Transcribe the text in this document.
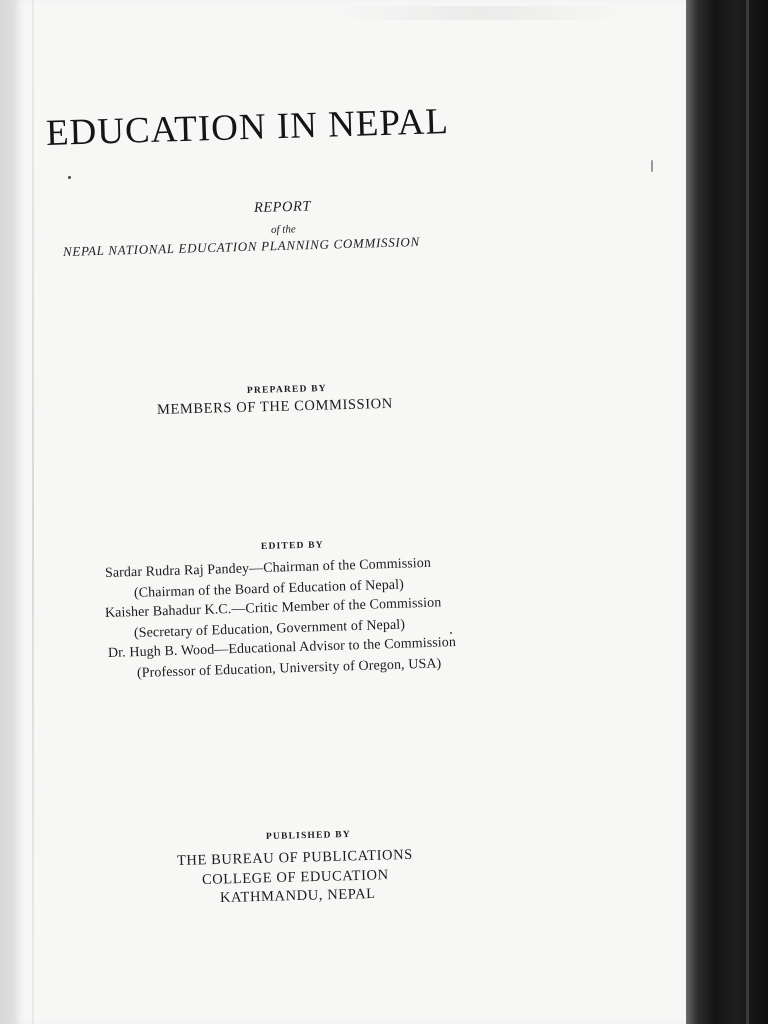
EDUCATION IN NEPAL
REPORT
of the
NEPAL NATIONAL EDUCATION PLANNING COMMISSION
PREPARED BY
MEMBERS OF THE COMMISSION
EDITED BY
Sardar Rudra Raj Pandey—Chairman of the Commission
(Chairman of the Board of Education of Nepal)
Kaisher Bahadur K.C.—Critic Member of the Commission
(Secretary of Education, Government of Nepal)
Dr. Hugh B. Wood—Educational Advisor to the Commission
(Professor of Education, University of Oregon, USA)
PUBLISHED BY
THE BUREAU OF PUBLICATIONS
COLLEGE OF EDUCATION
KATHMANDU, NEPAL
